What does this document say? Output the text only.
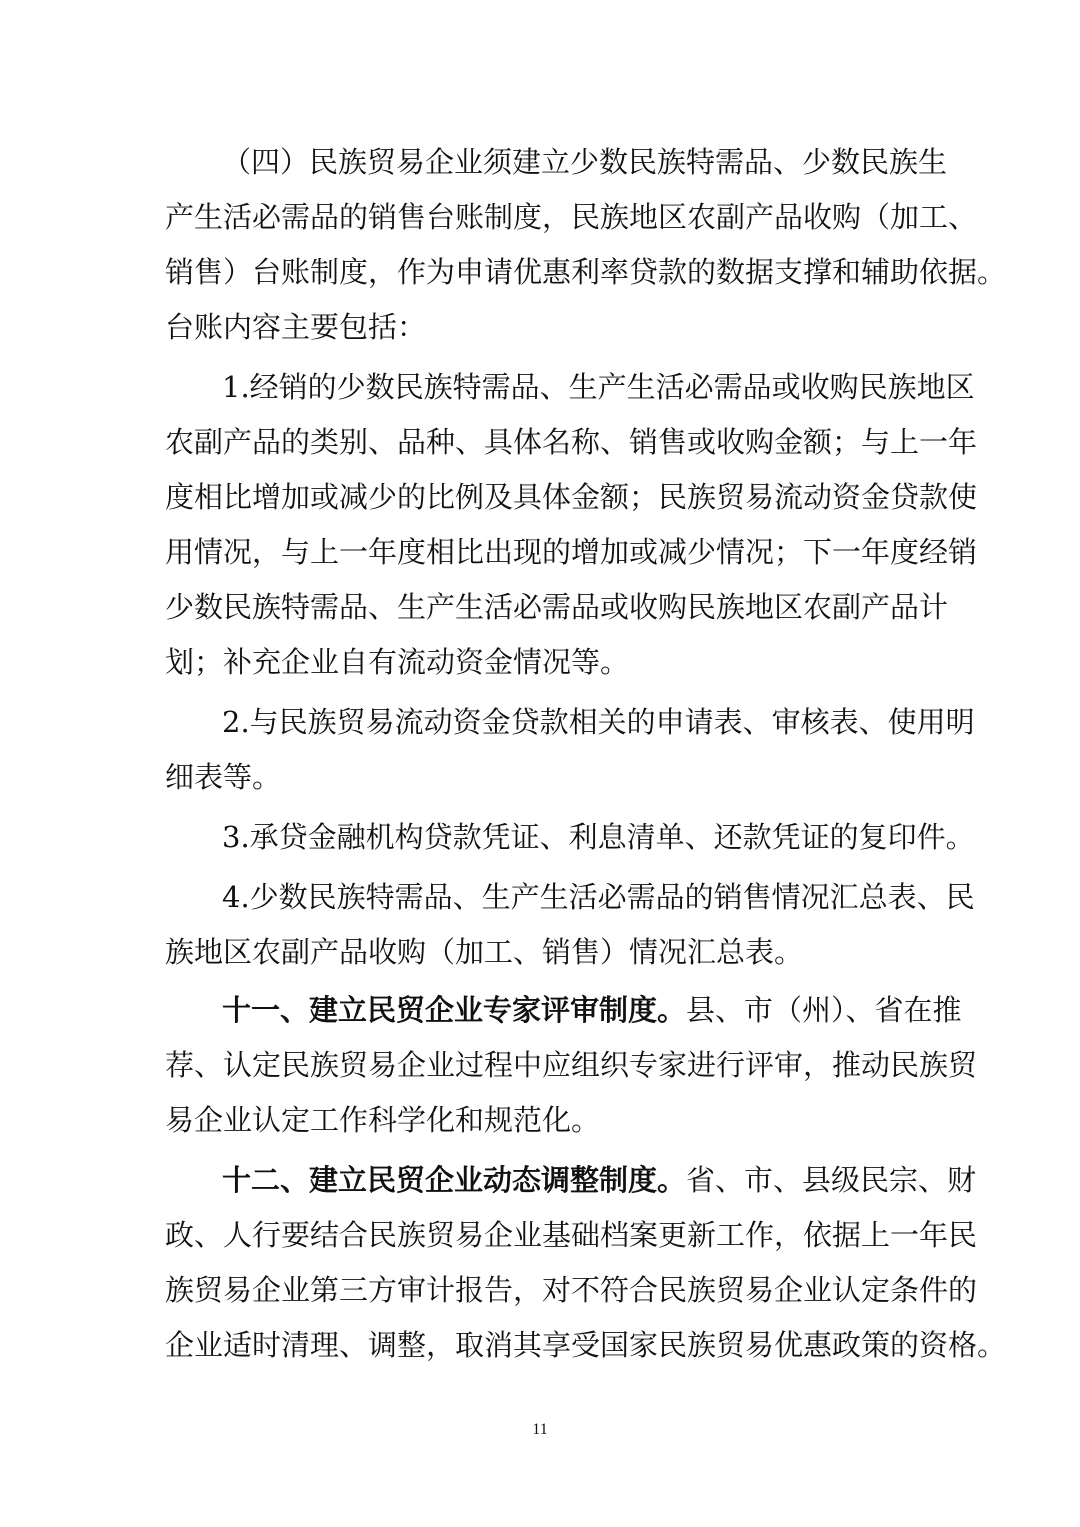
（四）民族贸易企业须建立少数民族特需品、少数民族生
产生活必需品的销售台账制度，民族地区农副产品收购（加工、
销售）台账制度，作为申请优惠利率贷款的数据支撑和辅助依据。
台账内容主要包括：
1.经销的少数民族特需品、生产生活必需品或收购民族地区
农副产品的类别、品种、具体名称、销售或收购金额；与上一年
度相比增加或减少的比例及具体金额；民族贸易流动资金贷款使
用情况，与上一年度相比出现的增加或减少情况；下一年度经销
少数民族特需品、生产生活必需品或收购民族地区农副产品计
划；补充企业自有流动资金情况等。
2.与民族贸易流动资金贷款相关的申请表、审核表、使用明
细表等。
3.承贷金融机构贷款凭证、利息清单、还款凭证的复印件。
4.少数民族特需品、生产生活必需品的销售情况汇总表、民
族地区农副产品收购（加工、销售）情况汇总表。
十一、建立民贸企业专家评审制度。县、市（州）、省在推
荐、认定民族贸易企业过程中应组织专家进行评审，推动民族贸
易企业认定工作科学化和规范化。
十二、建立民贸企业动态调整制度。省、市、县级民宗、财
政、人行要结合民族贸易企业基础档案更新工作，依据上一年民
族贸易企业第三方审计报告，对不符合民族贸易企业认定条件的
企业适时清理、调整，取消其享受国家民族贸易优惠政策的资格。
11
